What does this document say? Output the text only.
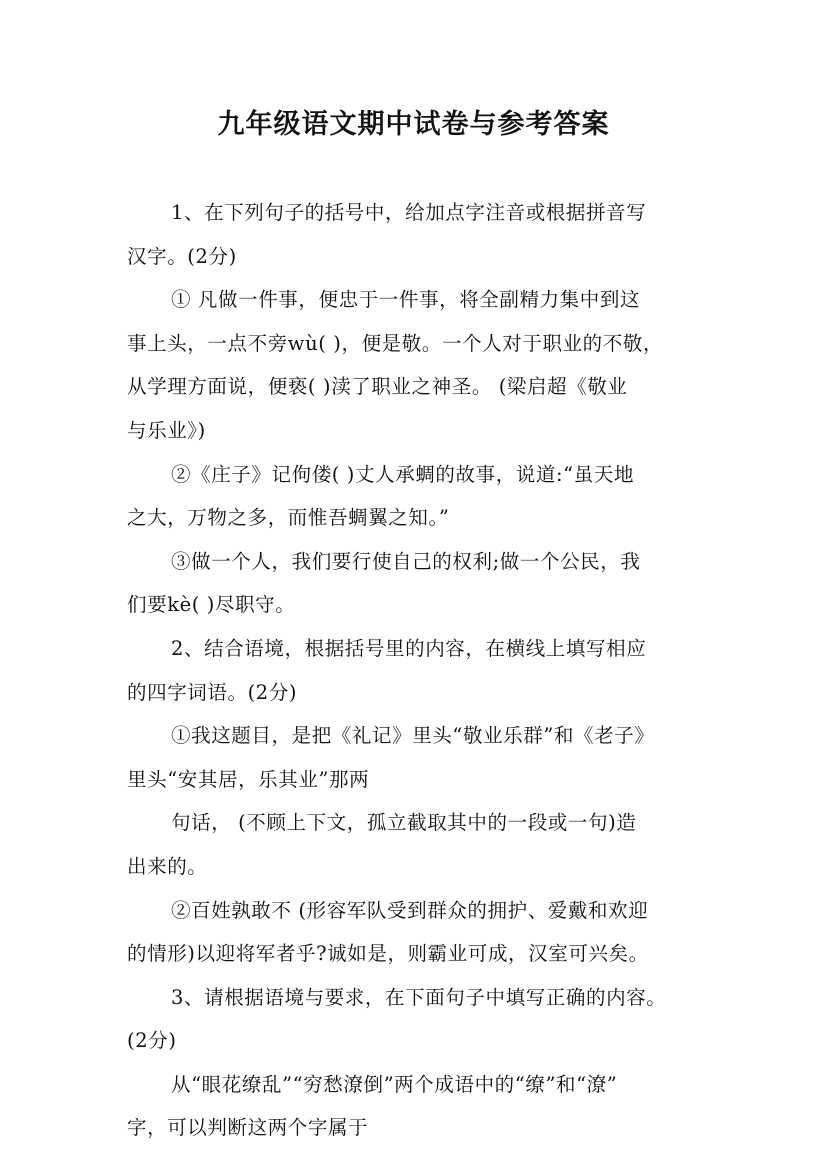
九年级语文期中试卷与参考答案
1、在下列句子的括号中，给加点字注音或根据拼音写
汉字。(2分)
① 凡做一件事，便忠于一件事，将全副精力集中到这
事上头，一点不旁wù( )，便是敬。一个人对于职业的不敬，
从学理方面说，便亵( )渎了职业之神圣。 (梁启超《敬业
与乐业》)
②《庄子》记佝偻( )丈人承蜩的故事，说道:“虽天地
之大，万物之多，而惟吾蜩翼之知。”
③做一个人，我们要行使自己的权利;做一个公民，我
们要kè( )尽职守。
2、结合语境，根据括号里的内容，在横线上填写相应
的四字词语。(2分)
①我这题目，是把《礼记》里头“敬业乐群”和《老子》
里头“安其居，乐其业”那两
句话， (不顾上下文，孤立截取其中的一段或一句)造
出来的。
②百姓孰敢不 (形容军队受到群众的拥护、爱戴和欢迎
的情形)以迎将军者乎?诚如是，则霸业可成，汉室可兴矣。
3、请根据语境与要求，在下面句子中填写正确的内容。
(2分)
从“眼花缭乱”“穷愁潦倒”两个成语中的“缭”和“潦”
字，可以判断这两个字属于
